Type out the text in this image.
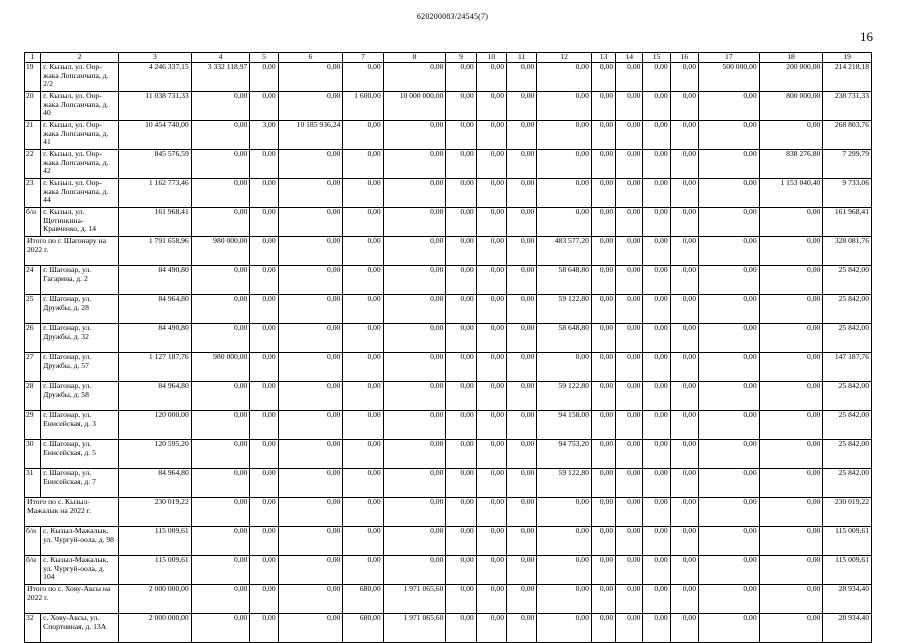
620200083/24545(7)
16
1	2	3	4	5	6	7	8	9	10	11	12	13	14	15	16	17	18	19
19	г. Кызыл, ул. Оор-жака Лопсанчапа, д. 2/2	4 246 337,15	3 332 118,97	0,00	0,00	0,00	0,00	0,00	0,00	0,00	0,00	0,00	0,00	0,00	0,00	500 000,00	200 000,00	214 218,18
20	г. Кызыл, ул. Оор-жака Лопсанчапа, д. 40	11 038 731,33	0,00	0,00	0,00	1 600,00	10 000 000,00	0,00	0,00	0,00	0,00	0,00	0,00	0,00	0,00	0,00	800 000,00	238 731,33
21	г. Кызыл, ул. Оор-жака Лопсанчапа, д. 41	10 454 740,00	0,00	3,00	10 185 936,24	0,00	0,00	0,00	0,00	0,00	0,00	0,00	0,00	0,00	0,00	0,00	0,00	268 803,76
22	г. Кызыл, ул. Оор-жака Лопсанчапа, д. 42	845 576,59	0,00	0,00	0,00	0,00	0,00	0,00	0,00	0,00	0,00	0,00	0,00	0,00	0,00	0,00	838 276,80	7 299,79
23	г. Кызыл, ул. Оор-жака Лопсанчапа, д. 44	1 162 773,46	0,00	0,00	0,00	0,00	0,00	0,00	0,00	0,00	0,00	0,00	0,00	0,00	0,00	0,00	1 153 040,40	9 733,06
б/н	г. Кызыл, ул. Щетинкина-Кравченко, д. 14	161 968,41	0,00	0,00	0,00	0,00	0,00	0,00	0,00	0,00	0,00	0,00	0,00	0,00	0,00	0,00	0,00	161 968,41
Итого по г. Шагонару на 2022 г.		1 791 658,96	980 000,00	0,00	0,00	0,00	0,00	0,00	0,00	0,00	483 577,20	0,00	0,00	0,00	0,00	0,00	0,00	328 081,76
24	г. Шагонар, ул. Гагарина, д. 2	84 490,80	0,00	0,00	0,00	0,00	0,00	0,00	0,00	0,00	58 648,80	0,00	0,00	0,00	0,00	0,00	0,00	25 842,00
25	г. Шагонар, ул. Дружбы, д. 28	84 964,80	0,00	0,00	0,00	0,00	0,00	0,00	0,00	0,00	59 122,80	0,00	0,00	0,00	0,00	0,00	0,00	25 842,00
26	г. Шагонар, ул. Дружбы, д. 32	84 490,80	0,00	0,00	0,00	0,00	0,00	0,00	0,00	0,00	58 648,80	0,00	0,00	0,00	0,00	0,00	0,00	25 842,00
27	г. Шагонар, ул. Дружбы, д. 57	1 127 187,76	980 000,00	0,00	0,00	0,00	0,00	0,00	0,00	0,00	0,00	0,00	0,00	0,00	0,00	0,00	0,00	147 187,76
28	г. Шагонар, ул. Дружбы, д. 58	84 964,80	0,00	0,00	0,00	0,00	0,00	0,00	0,00	0,00	59 122,80	0,00	0,00	0,00	0,00	0,00	0,00	25 842,00
29	г. Шагонар, ул. Енисейская, д. 3	120 000,00	0,00	0,00	0,00	0,00	0,00	0,00	0,00	0,00	94 158,00	0,00	0,00	0,00	0,00	0,00	0,00	25 842,00
30	г. Шагонар, ул. Енисейская, д. 5	120 595,20	0,00	0,00	0,00	0,00	0,00	0,00	0,00	0,00	94 753,20	0,00	0,00	0,00	0,00	0,00	0,00	25 842,00
31	г. Шагонар, ул. Енисейская, д. 7	84 964,80	0,00	0,00	0,00	0,00	0,00	0,00	0,00	0,00	59 122,80	0,00	0,00	0,00	0,00	0,00	0,00	25 842,00
Итого по с. Кызыл-Мажалык на 2022 г.		230 019,22	0,00	0,00	0,00	0,00	0,00	0,00	0,00	0,00	0,00	0,00	0,00	0,00	0,00	0,00	0,00	230 019,22
б/н	с. Кызыл-Мажалык, ул. Чургуй-оола, д. 98	115 009,61	0,00	0,00	0,00	0,00	0,00	0,00	0,00	0,00	0,00	0,00	0,00	0,00	0,00	0,00	0,00	115 009,61
б/н	с. Кызыл-Мажалык, ул. Чургуй-оола, д. 104	115 009,61	0,00	0,00	0,00	0,00	0,00	0,00	0,00	0,00	0,00	0,00	0,00	0,00	0,00	0,00	0,00	115 009,61
Итого по с. Хову-Аксы на 2022 г.		2 000 000,00	0,00	0,00	0,00	680,00	1 971 065,60	0,00	0,00	0,00	0,00	0,00	0,00	0,00	0,00	0,00	0,00	28 934,40
32	с. Хову-Аксы, ул. Спортивная, д. 13А	2 000 000,00	0,00	0,00	0,00	680,00	1 971 065,60	0,00	0,00	0,00	0,00	0,00	0,00	0,00	0,00	0,00	0,00	28 934,40
